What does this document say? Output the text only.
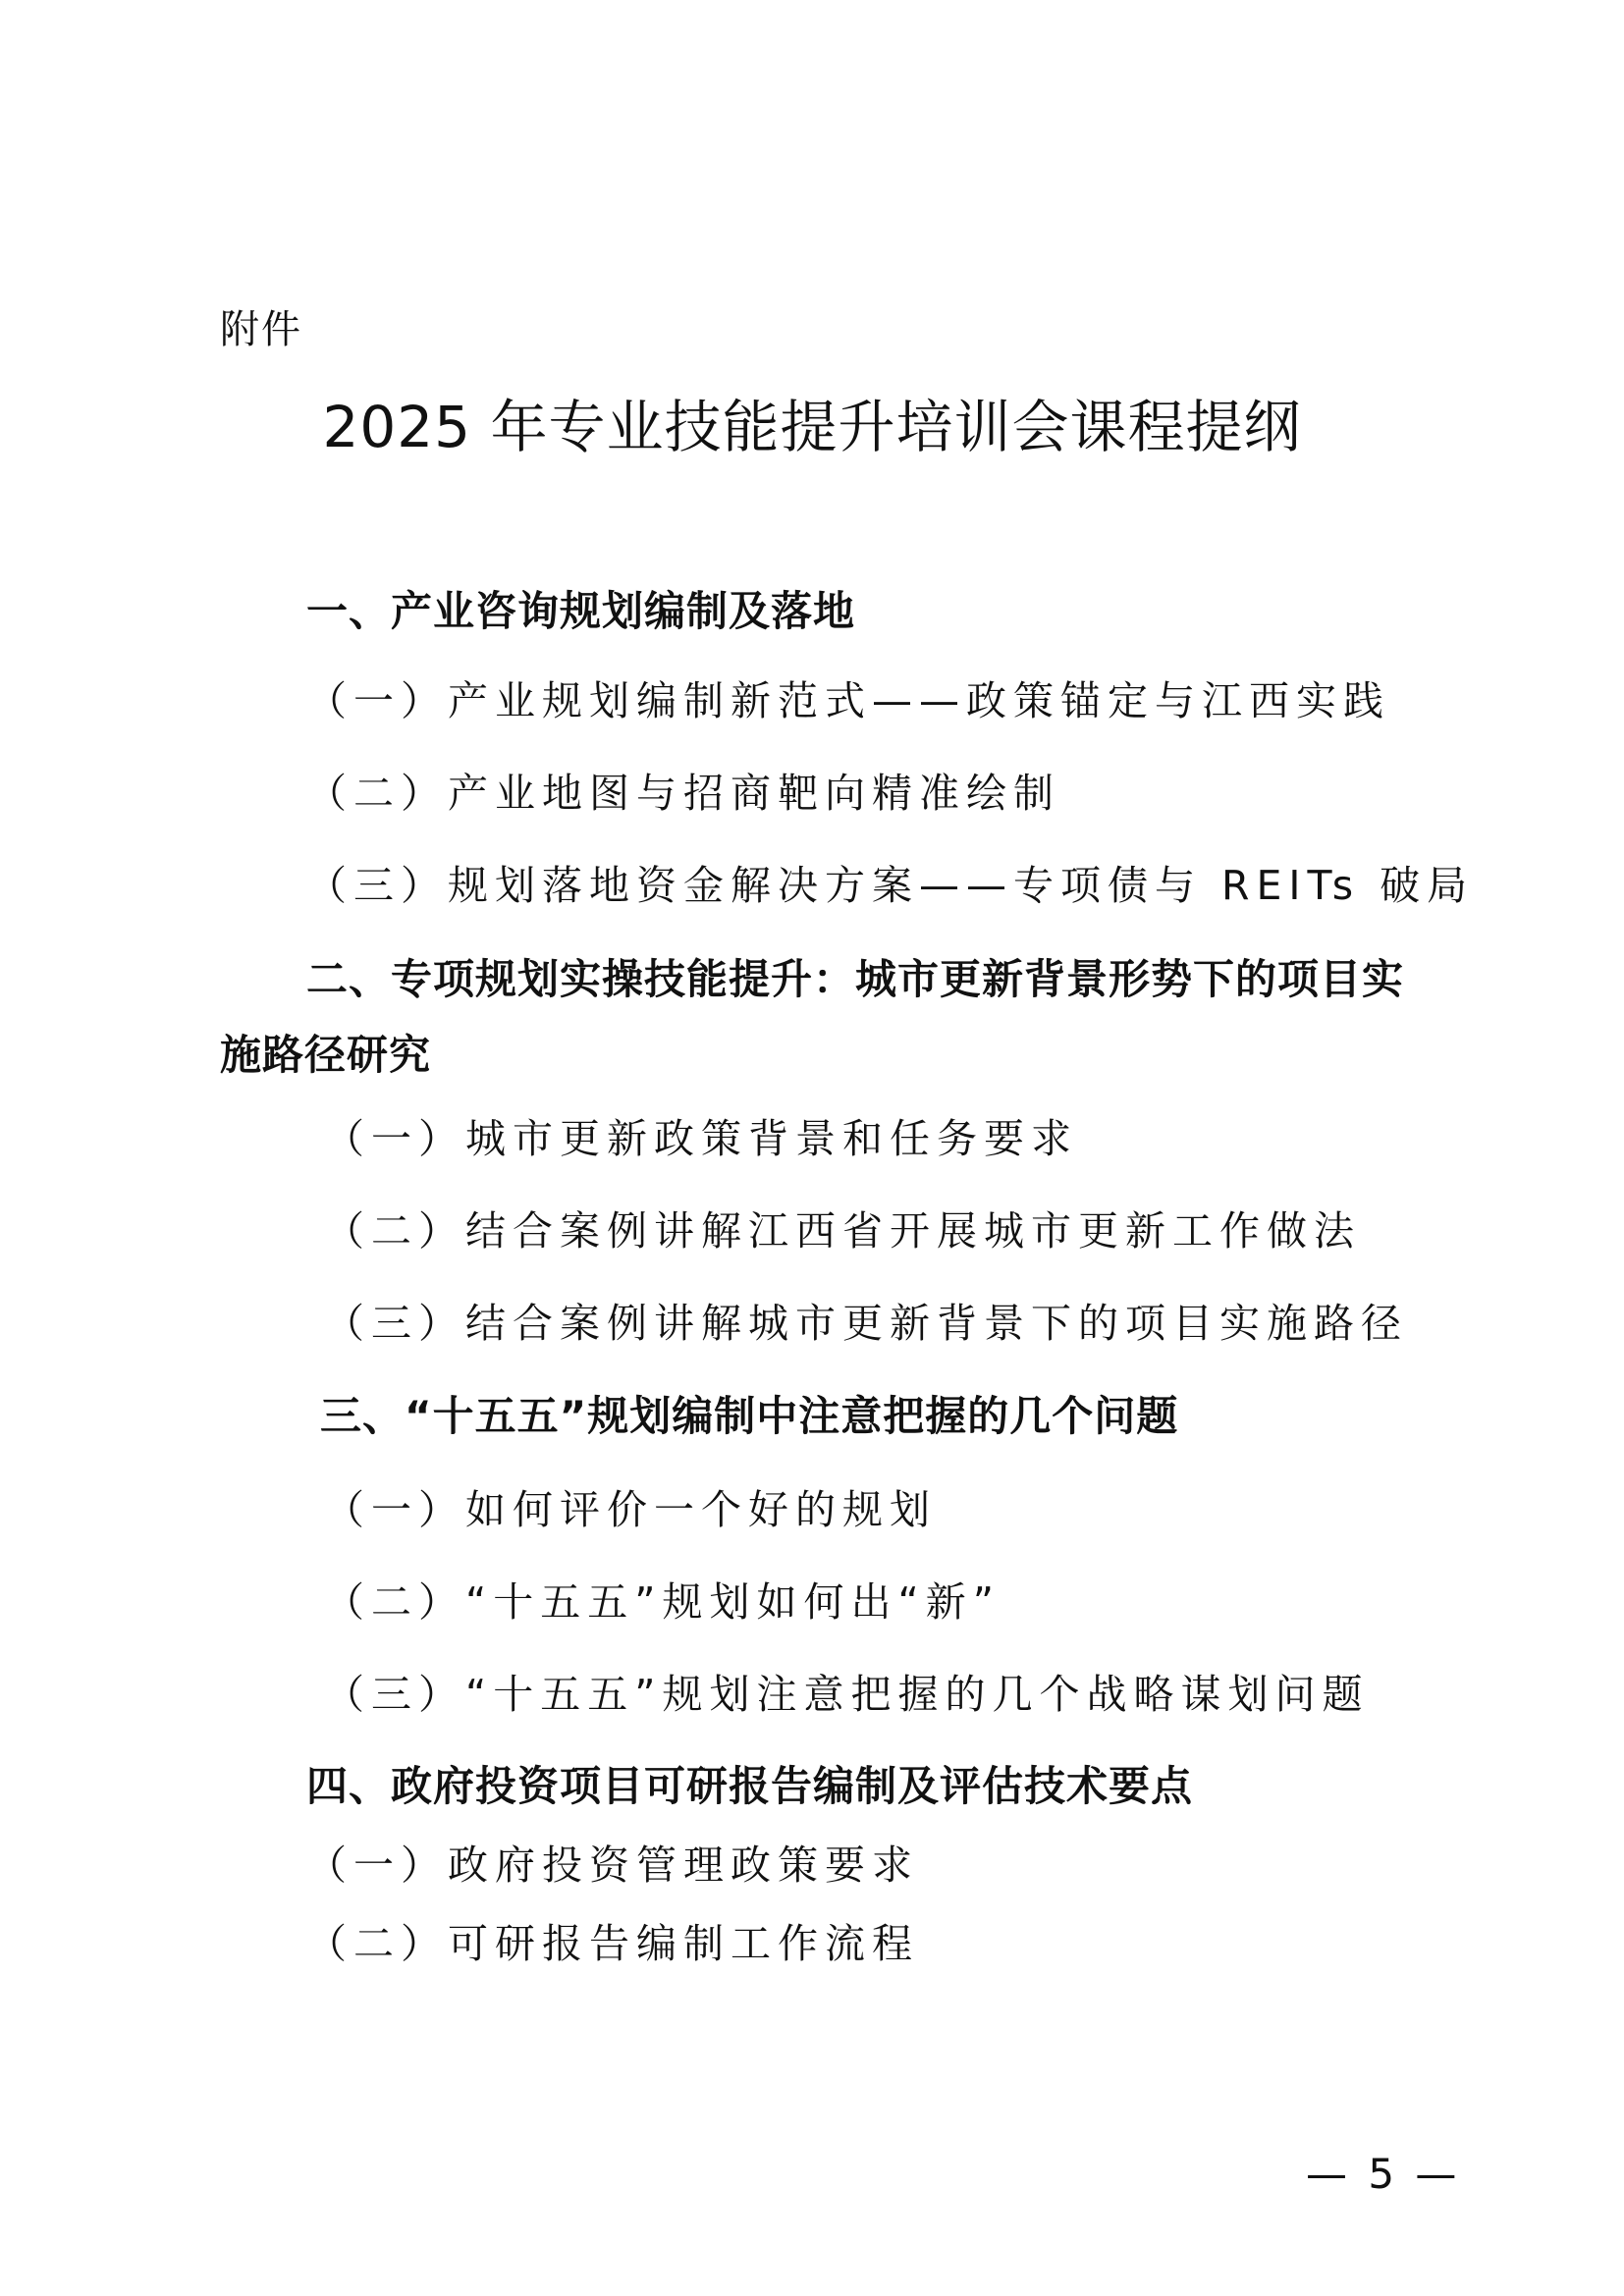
附件
2025 年专业技能提升培训会课程提纲
一、产业咨询规划编制及落地
（一）产业规划编制新范式——政策锚定与江西实践
（二）产业地图与招商靶向精准绘制
（三）规划落地资金解决方案——专项债与 REITs 破局
二、专项规划实操技能提升：城市更新背景形势下的项目实
施路径研究
（一）城市更新政策背景和任务要求
（二）结合案例讲解江西省开展城市更新工作做法
（三）结合案例讲解城市更新背景下的项目实施路径
三、“十五五”规划编制中注意把握的几个问题
（一）如何评价一个好的规划
（二）“十五五”规划如何出“新”
（三）“十五五”规划注意把握的几个战略谋划问题
四、政府投资项目可研报告编制及评估技术要点
（一）政府投资管理政策要求
（二）可研报告编制工作流程
— 5 —
